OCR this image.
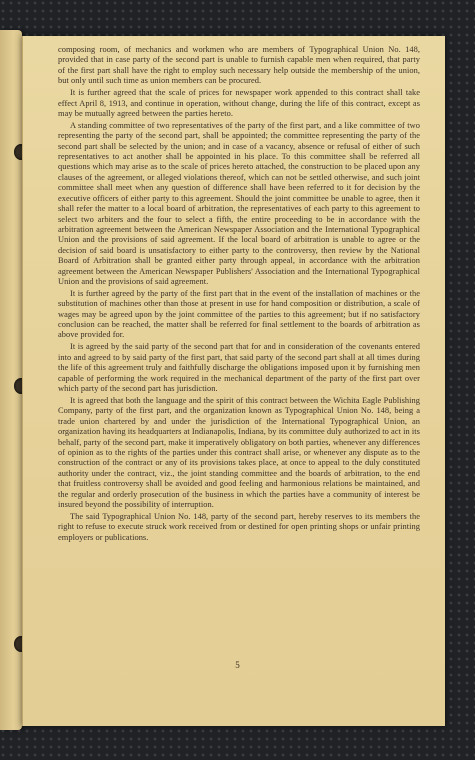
composing room, of mechanics and workmen who are members of Typographical Union No. 148, provided that in case party of the second part is unable to furnish capable men when required, that party of the first part shall have the right to employ such necessary help outside the membership of the union, but only until such time as union members can be procured.

It is further agreed that the scale of prices for newspaper work appended to this contract shall take effect April 8, 1913, and continue in operation, without change, during the life of this contract, except as may be mutually agreed between the parties hereto.

A standing committee of two representatives of the party of the first part, and a like committee of two representing the party of the second part, shall be appointed; the committee representing the party of the second part shall be selected by the union; and in case of a vacancy, absence or refusal of either of such representatives to act another shall be appointed in his place. To this committee shall be referred all questions which may arise as to the scale of prices hereto attached, the construction to be placed upon any clauses of the agreement, or alleged violations thereof, which can not be settled otherwise, and such joint committee shall meet when any question of difference shall have been referred to it for decision by the executive officers of either party to this agreement. Should the joint committee be unable to agree, then it shall refer the matter to a local board of arbitration, the representatives of each party to this agreement to select two arbiters and the four to select a fifth, the entire proceeding to be in accordance with the arbitration agreement between the American Newspaper Association and the International Typographical Union and the provisions of said agreement. If the local board of arbitration is unable to agree or the decision of said board is unsatisfactory to either party to the controversy, then review by the National Board of Arbitration shall be granted either party through appeal, in accordance with the arbitration agreement between the American Newspaper Publishers' Association and the International Typographical Union and the provisions of said agreement.

It is further agreed by the party of the first part that in the event of the installation of machines or the substitution of machines other than those at present in use for hand composition or distribution, a scale of wages may be agreed upon by the joint committee of the parties to this agreement; but if no satisfactory conclusion can be reached, the matter shall be referred for final settlement to the boards of arbitration as above provided for.

It is agreed by the said party of the second part that for and in consideration of the covenants entered into and agreed to by said party of the first part, that said party of the second part shall at all times during the life of this agreement truly and faithfully discharge the obligations imposed upon it by furnishing men capable of performing the work required in the mechanical department of the party of the first part over which party of the second part has jurisdiction.

It is agreed that both the language and the spirit of this contract between the Wichita Eagle Publishing Company, party of the first part, and the organization known as Typographical Union No. 148, being a trade union chartered by and under the jurisdiction of the International Typographical Union, an organization having its headquarters at Indianapolis, Indiana, by its committee duly authorized to act in its behalf, party of the second part, make it imperatively obligatory on both parties, whenever any differences of opinion as to the rights of the parties under this contract shall arise, or whenever any dispute as to the construction of the contract or any of its provisions takes place, at once to appeal to the duly constituted authority under the contract, viz., the joint standing committee and the boards of arbitration, to the end that fruitless controversy shall be avoided and good feeling and harmonious relations be maintained, and the regular and orderly prosecution of the business in which the parties have a community of interest be insured beyond the possibility of interruption.

The said Typographical Union No. 148, party of the second part, hereby reserves to its members the right to refuse to execute struck work received from or destined for open printing shops or unfair printing employers or publications.

5
